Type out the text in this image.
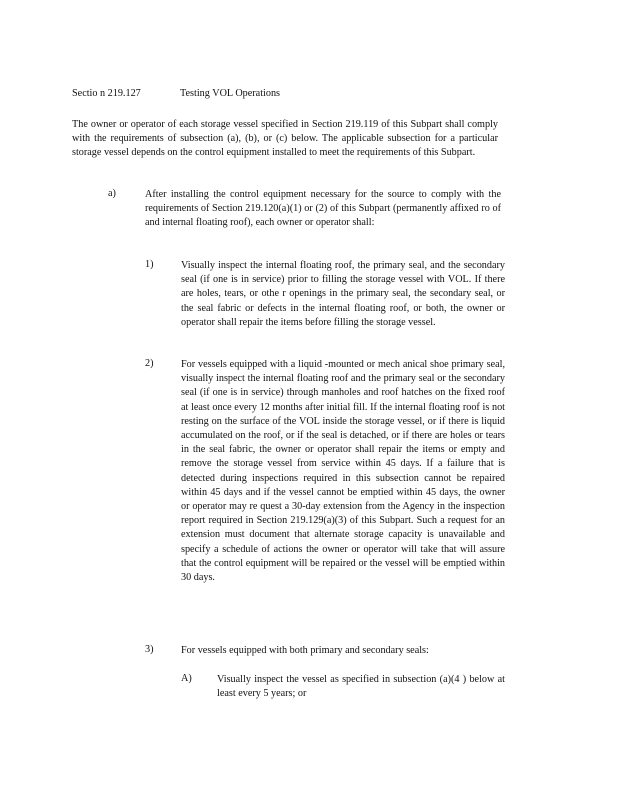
Sectio n 219.127	Testing VOL Operations

The owner or operator of each storage vessel specified in Section 219.119 of this Subpart shall comply with the requirements of subsection (a), (b), or (c) below. The applicable subsection for a particular storage vessel depends on the control equipment installed to meet the requirements of this Subpart.

a)	After installing the control equipment necessary for the source to comply with the requirements of Section 219.120(a)(1) or (2) of this Subpart (permanently affixed ro of and internal floating roof), each owner or operator shall:

1)	Visually inspect the internal floating roof, the primary seal, and the secondary seal (if one is in service) prior to filling the storage vessel with VOL. If there are holes, tears, or othe r openings in the primary seal, the secondary seal, or the seal fabric or defects in the internal floating roof, or both, the owner or operator shall repair the items before filling the storage vessel.

2)	For vessels equipped with a liquid -mounted or mech anical shoe primary seal, visually inspect the internal floating roof and the primary seal or the secondary seal (if one is in service) through manholes and roof hatches on the fixed roof at least once every 12 months after initial fill. If the internal floating roof is not resting on the surface of the VOL inside the storage vessel, or if there is liquid accumulated on the roof, or if the seal is detached, or if there are holes or tears in the seal fabric, the owner or operator shall repair the items or empty and remove the storage vessel from service within 45 days. If a failure that is detected during inspections required in this subsection cannot be repaired within 45 days and if the vessel cannot be emptied within 45 days, the owner or operator may re quest a 30-day extension from the Agency in the inspection report required in Section 219.129(a)(3) of this Subpart. Such a request for an extension must document that alternate storage capacity is unavailable and specify a schedule of actions the owner or operator will take that will assure that the control equipment will be repaired or the vessel will be emptied within 30 days.

3)	For vessels equipped with both primary and secondary seals:

A) Visually inspect the vessel as specified in subsection (a)(4 ) below at least every 5 years; or
